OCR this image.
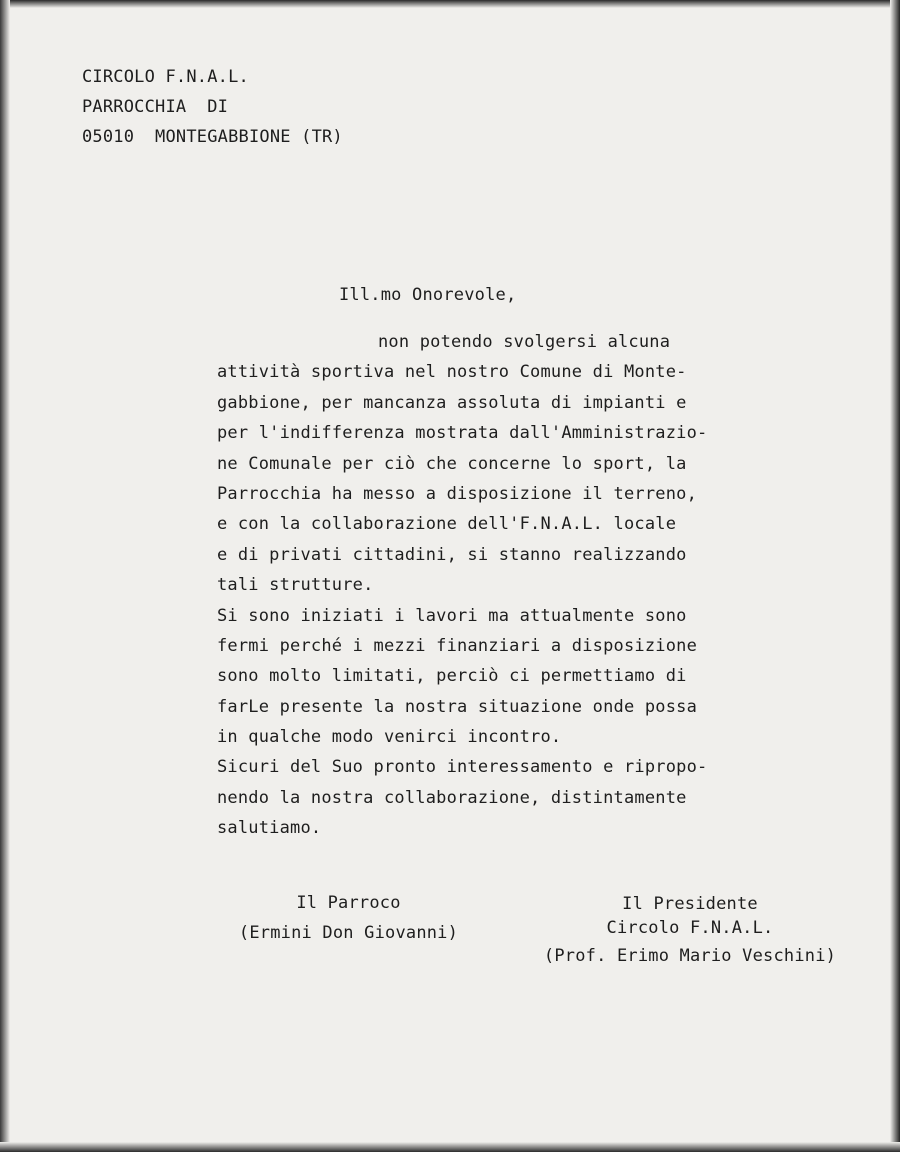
CIRCOLO F.N.A.L.
PARROCCHIA  DI
05010  MONTEGABBIONE (TR)
Ill.mo Onorevole,
non potendo svolgersi alcuna
attività sportiva nel nostro Comune di Monte-
gabbione, per mancanza assoluta di impianti e
per l'indifferenza mostrata dall'Amministrazio-
ne Comunale per ciò che concerne lo sport, la
Parrocchia ha messo a disposizione il terreno,
e con la collaborazione dell'F.N.A.L. locale
e di privati cittadini, si stanno realizzando
tali strutture.
Si sono iniziati i lavori ma attualmente sono
fermi perché i mezzi finanziari a disposizione
sono molto limitati, perciò ci permettiamo di
farLe presente la nostra situazione onde possa
in qualche modo venirci incontro.
Sicuri del Suo pronto interessamento e ripropo-
nendo la nostra collaborazione, distintamente
salutiamo.
Il Parroco
(Ermini Don Giovanni)
Il Presidente
Circolo F.N.A.L.
(Prof. Erimo Mario Veschini)
